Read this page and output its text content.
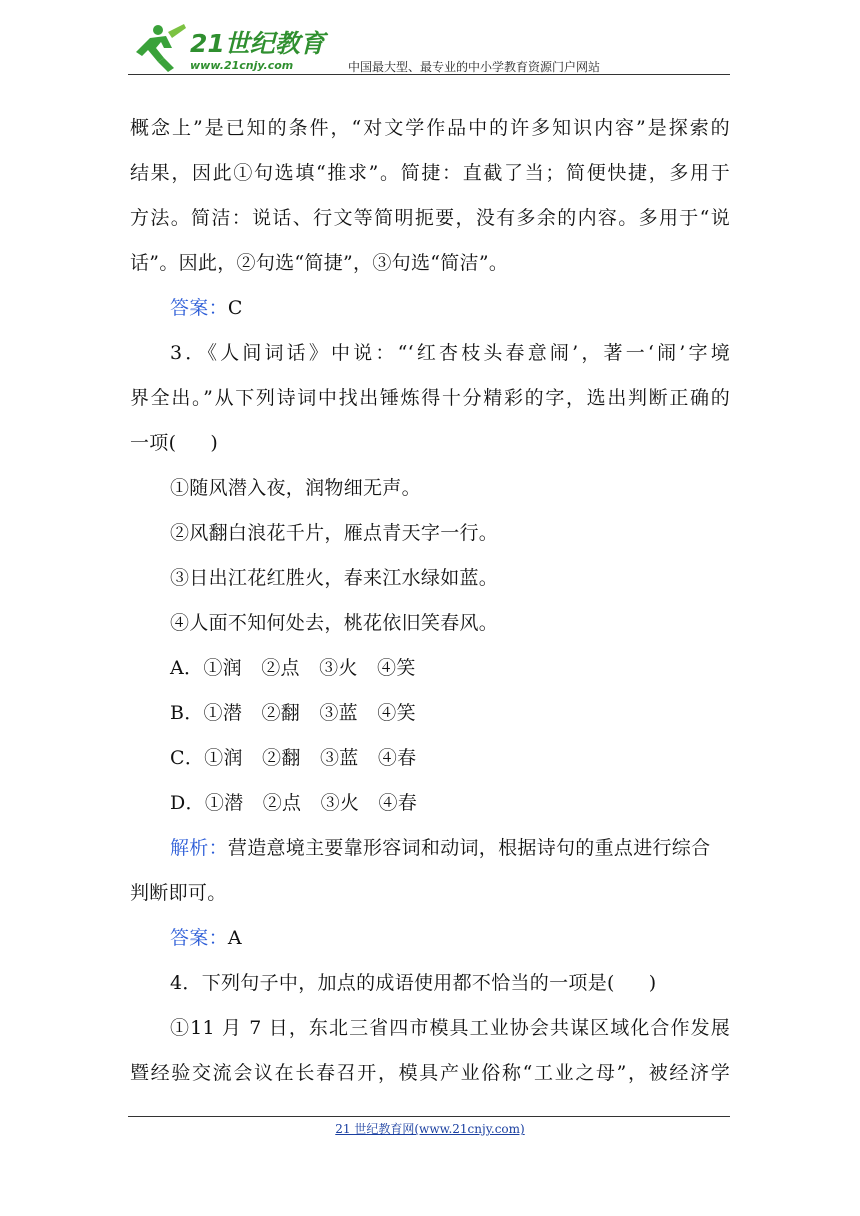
21世纪教育
www.21cnjy.com	中国最大型、最专业的中小学教育资源门户网站
概念上”是已知的条件，“对文学作品中的许多知识内容”是探索的
结果，因此①句选填“推求”。简捷：直截了当；简便快捷，多用于
方法。简洁：说话、行文等简明扼要，没有多余的内容。多用于“说
话”。因此，②句选“简捷”，③句选“简洁”。
答案：C
3．《人间词话》中说：“‘红杏枝头春意闹’，著一‘闹’字境
界全出。”从下列诗词中找出锤炼得十分精彩的字，选出判断正确的
一项( )
①随风潜入夜，润物细无声。
②风翻白浪花千片，雁点青天字一行。
③日出江花红胜火，春来江水绿如蓝。
④人面不知何处去，桃花依旧笑春风。
A．①润　②点　③火　④笑
B．①潜　②翻　③蓝　④笑
C．①润　②翻　③蓝　④春
D．①潜　②点　③火　④春
解析：营造意境主要靠形容词和动词，根据诗句的重点进行综合
判断即可。
答案：A
4．下列句子中，加点的成语使用都不恰当的一项是( )
①11 月 7 日，东北三省四市模具工业协会共谋区域化合作发展
暨经验交流会议在长春召开，模具产业俗称“工业之母”，被经济学
21 世纪教育网(www.21cnjy.com)
